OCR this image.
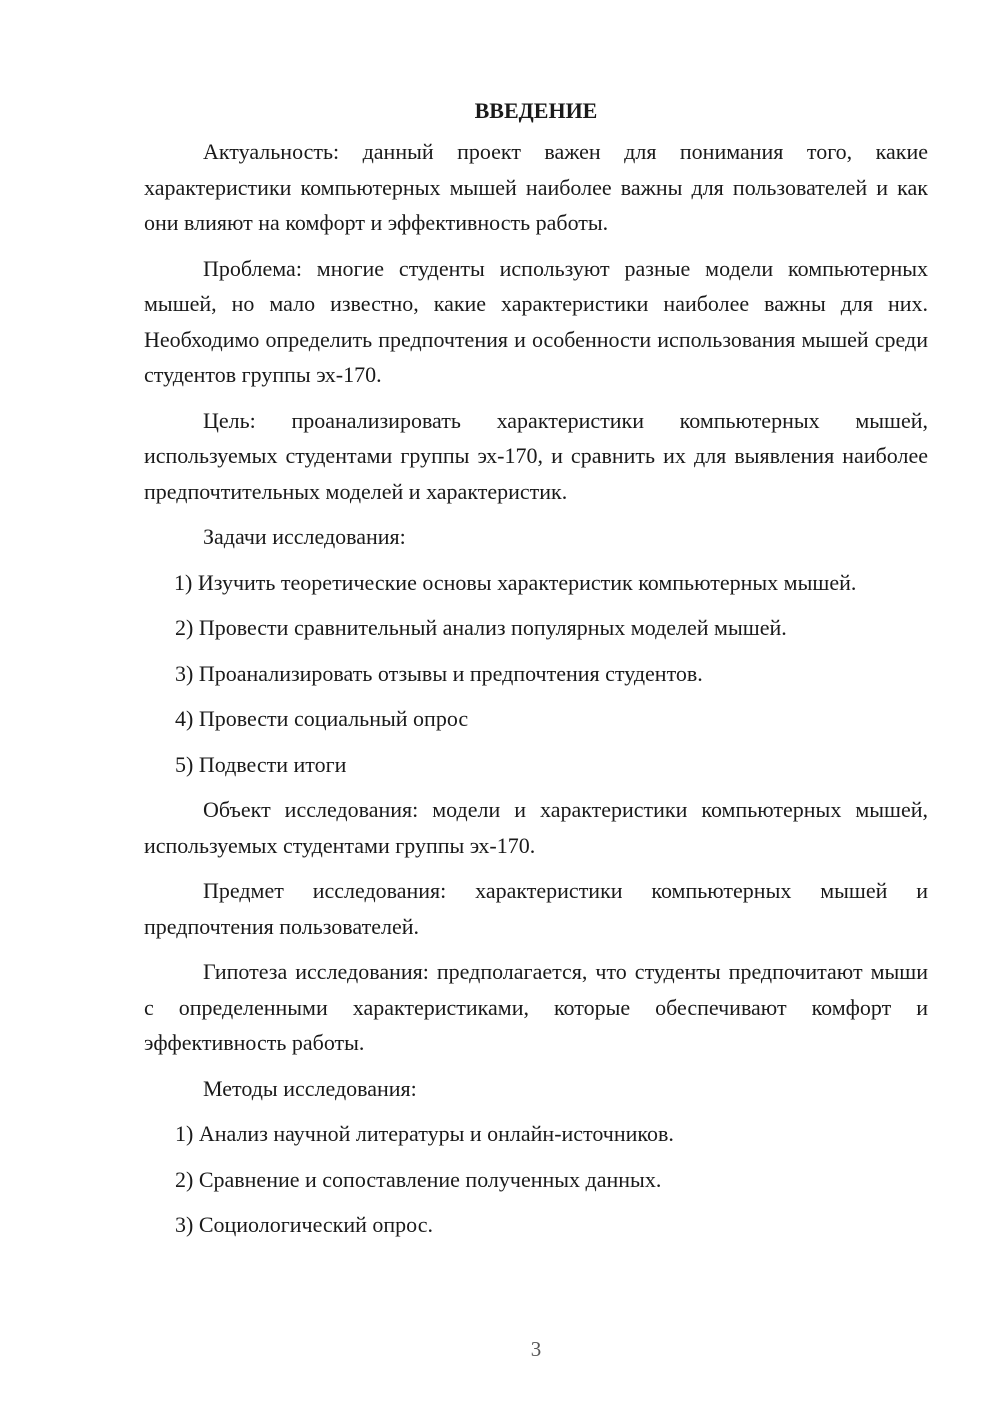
ВВЕДЕНИЕ

Актуальность: данный проект важен для понимания того, какие характеристики компьютерных мышей наиболее важны для пользователей и как они влияют на комфорт и эффективность работы.

Проблема: многие студенты используют разные модели компьютерных мышей, но мало известно, какие характеристики наиболее важны для них. Необходимо определить предпочтения и особенности использования мышей среди студентов группы эх-170.

Цель: проанализировать характеристики компьютерных мышей, используемых студентами группы эх-170, и сравнить их для выявления наиболее предпочтительных моделей и характеристик.

Задачи исследования:

1) Изучить теоретические основы характеристик компьютерных мышей.

2) Провести сравнительный анализ популярных моделей мышей.

3) Проанализировать отзывы и предпочтения студентов.

4) Провести социальный опрос

5) Подвести итоги

Объект исследования: модели и характеристики компьютерных мышей, используемых студентами группы эх-170.

Предмет исследования: характеристики компьютерных мышей и предпочтения пользователей.

Гипотеза исследования: предполагается, что студенты предпочитают мыши с определенными характеристиками, которые обеспечивают комфорт и эффективность работы.

Методы исследования:

1) Анализ научной литературы и онлайн-источников.

2) Сравнение и сопоставление полученных данных.

3) Социологический опрос.

3
